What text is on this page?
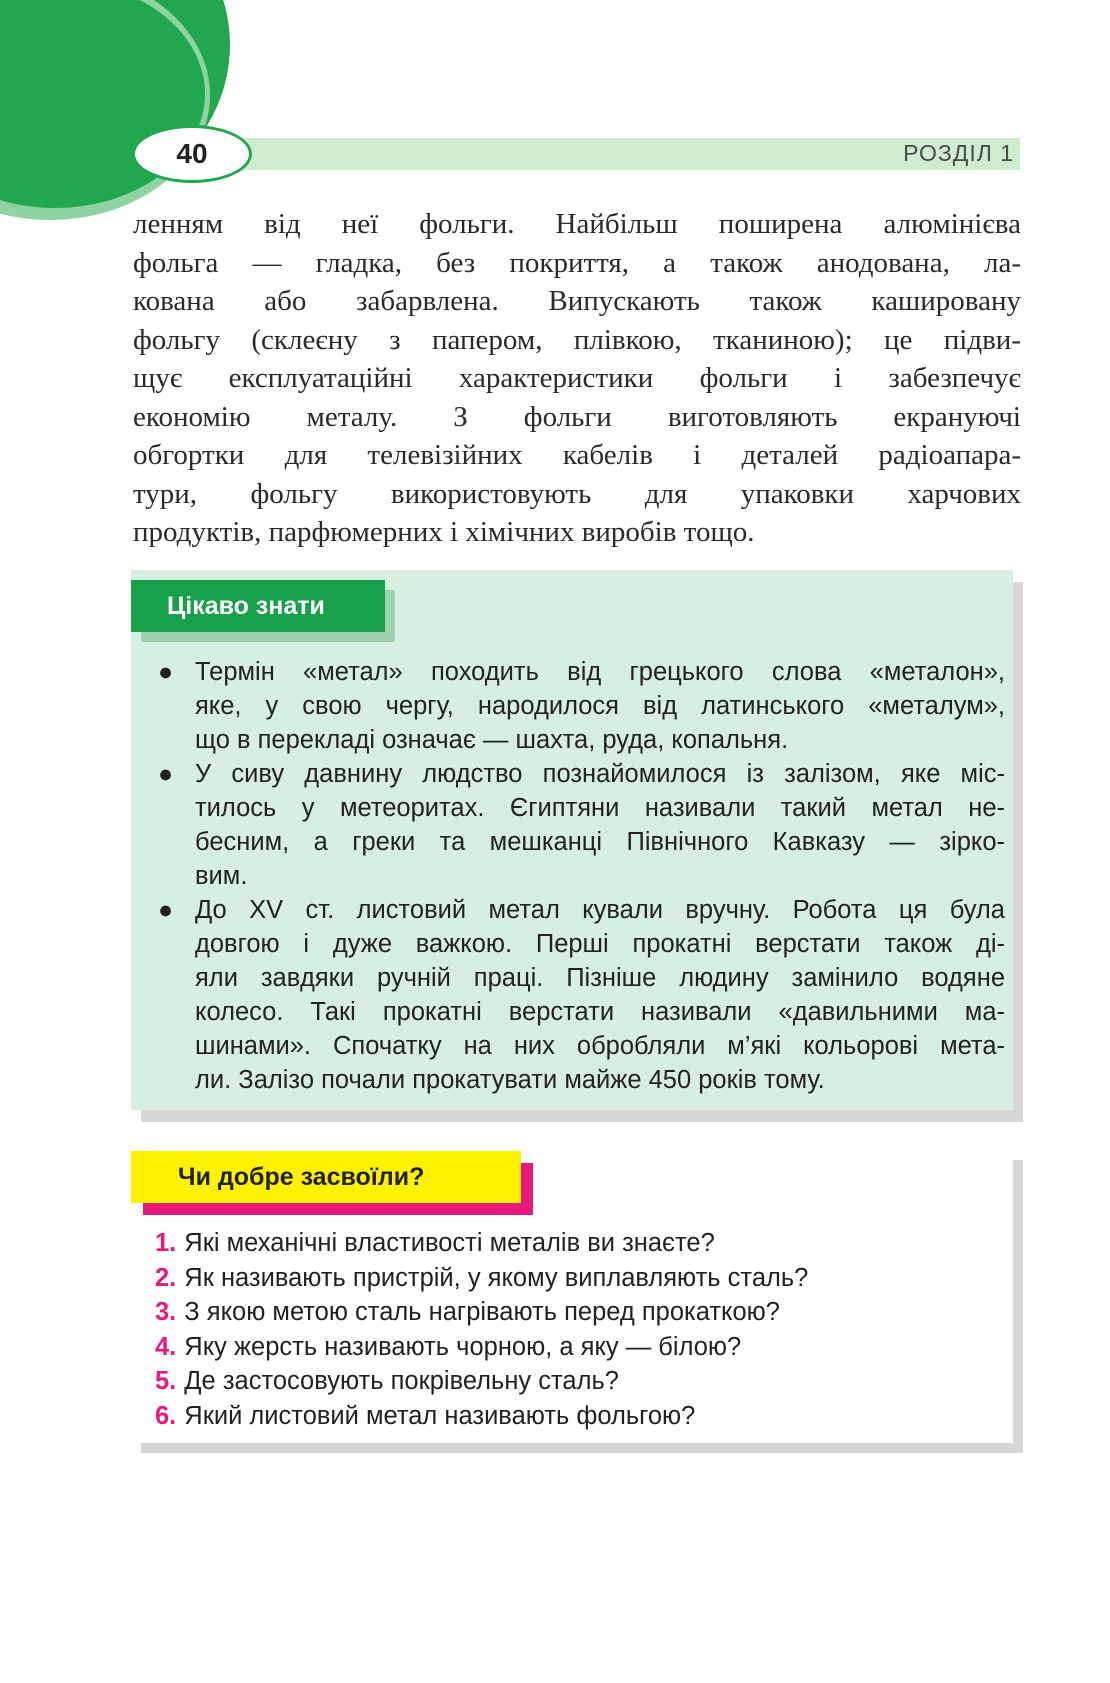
РОЗДІЛ 1
40
ленням від неї фольги. Найбільш поширена алюмінієва
фольга — гладка, без покриття, а також анодована, ла-
кована або забарвлена. Випускають також кашировану
фольгу (склеєну з папером, плівкою, тканиною); це підви-
щує експлуатаційні характеристики фольги і забезпечує
економію металу. З фольги виготовляють екрануючі
обгортки для телевізійних кабелів і деталей радіоапара-
тури, фольгу використовують для упаковки харчових
продуктів, парфюмерних і хімічних виробів тощо.
Цікаво знати
● Термін «метал» походить від грецького слова «металон»,
яке, у свою чергу, народилося від латинського «металум»,
що в перекладі означає — шахта, руда, копальня.
● У сиву давнину людство познайомилося із залізом, яке міс-
тилось у метеоритах. Єгиптяни називали такий метал не-
бесним, а греки та мешканці Північного Кавказу — зірко-
вим.
● До XV ст. листовий метал кували вручну. Робота ця була
довгою і дуже важкою. Перші прокатні верстати також ді-
яли завдяки ручній праці. Пізніше людину замінило водяне
колесо. Такі прокатні верстати називали «давильними ма-
шинами». Спочатку на них обробляли м’які кольорові мета-
ли. Залізо почали прокатувати майже 450 років тому.
Чи добре засвоїли?
1. Які механічні властивості металів ви знаєте?
2. Як називають пристрій, у якому виплавляють сталь?
3. З якою метою сталь нагрівають перед прокаткою?
4. Яку жерсть називають чорною, а яку — білою?
5. Де застосовують покрівельну сталь?
6. Який листовий метал називають фольгою?
